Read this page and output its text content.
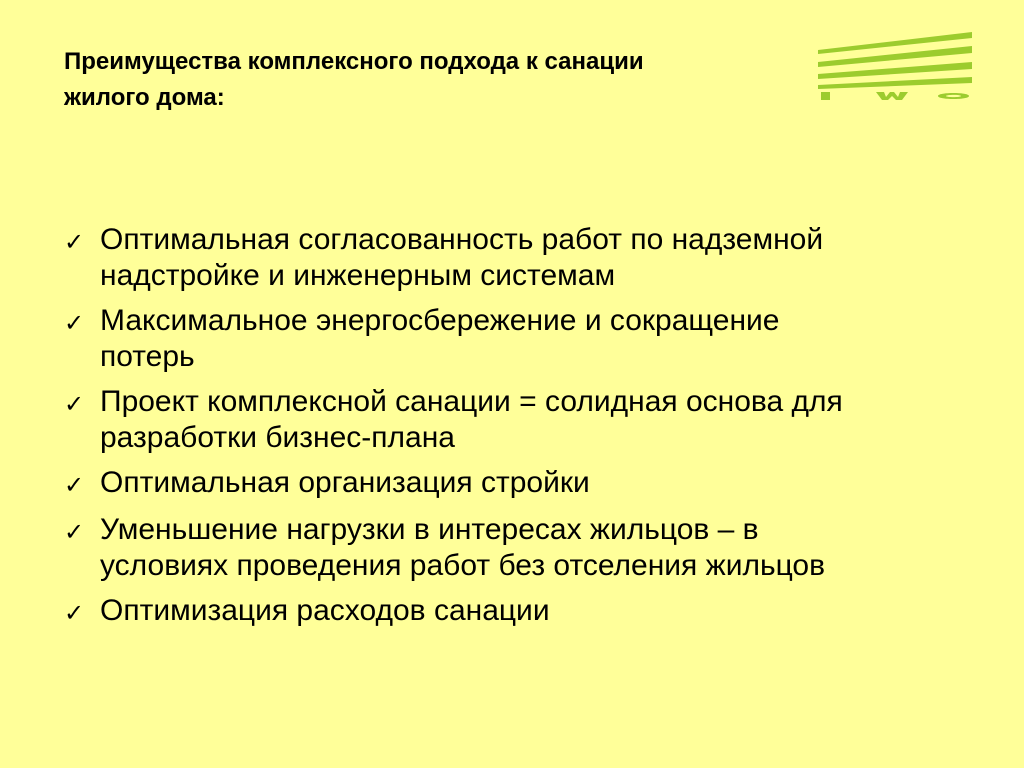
Преимущества комплексного подхода к санации
жилого дома:
✓ Оптимальная согласованность работ по надземной
надстройке и инженерным системам
✓ Максимальное энергосбережение и сокращение
потерь
✓ Проект комплексной санации = солидная основа для
разработки бизнес-плана
✓ Оптимальная организация стройки
✓ Уменьшение нагрузки в интересах жильцов – в
условиях проведения работ без отселения жильцов
✓ Оптимизация расходов санации
